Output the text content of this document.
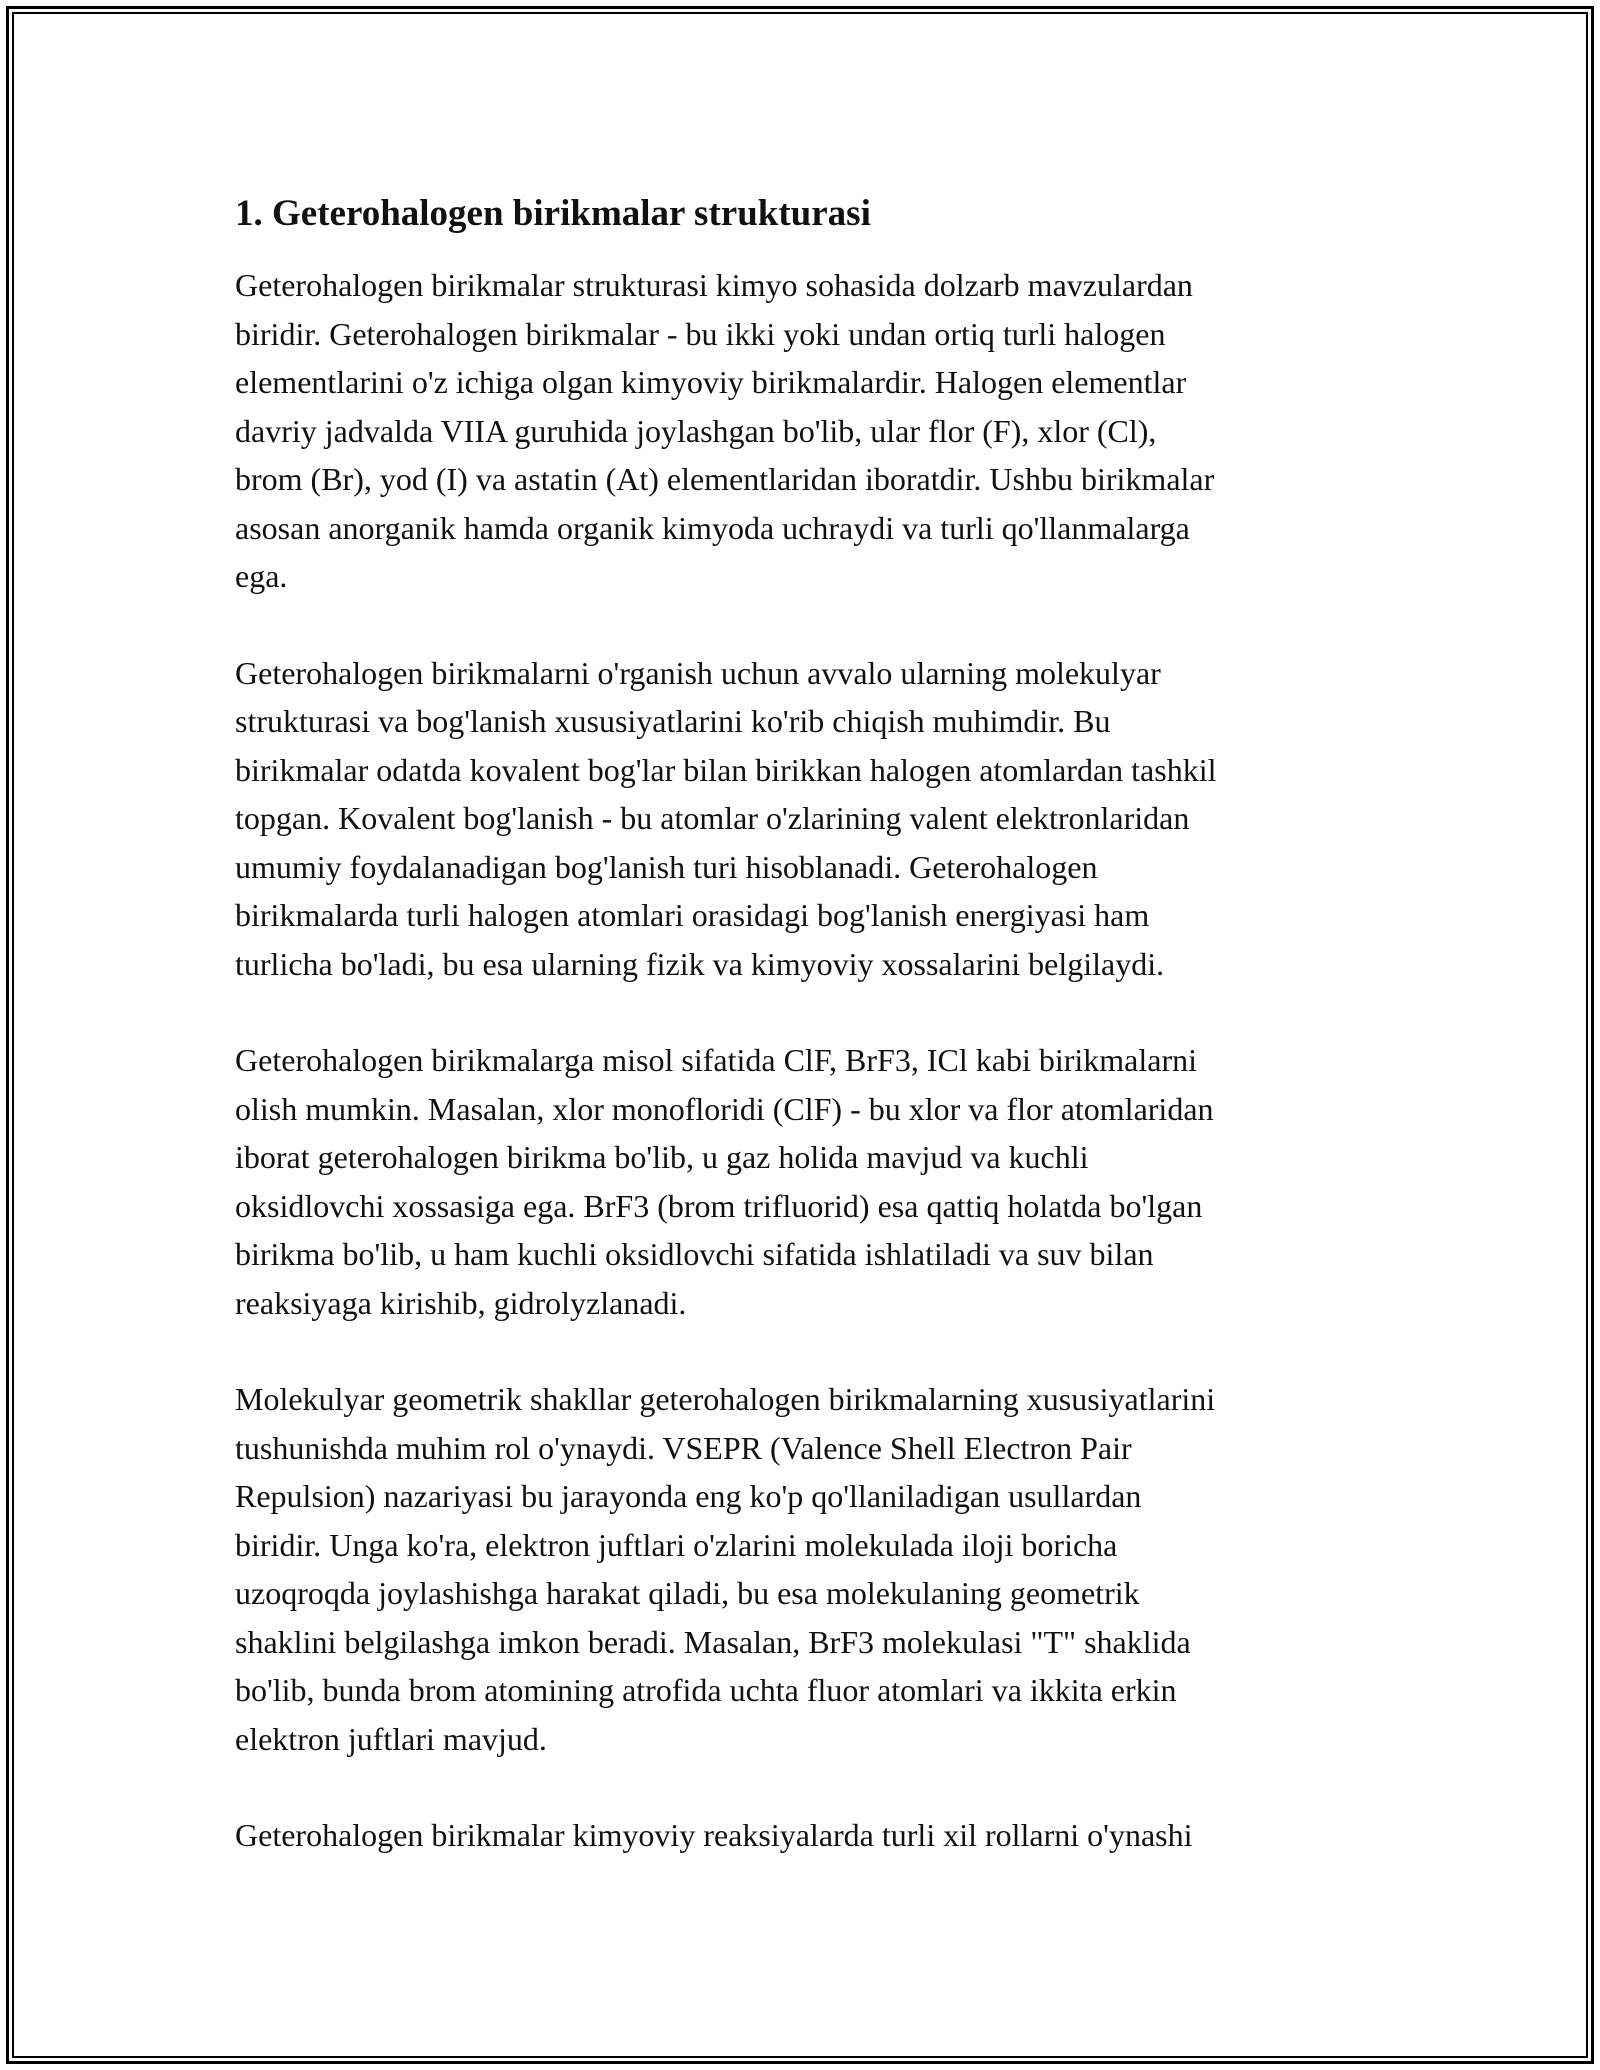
1. Geterohalogen birikmalar strukturasi

Geterohalogen birikmalar strukturasi kimyo sohasida dolzarb mavzulardan
biridir. Geterohalogen birikmalar - bu ikki yoki undan ortiq turli halogen
elementlarini o'z ichiga olgan kimyoviy birikmalardir. Halogen elementlar
davriy jadvalda VIIA guruhida joylashgan bo'lib, ular flor (F), xlor (Cl),
brom (Br), yod (I) va astatin (At) elementlaridan iboratdir. Ushbu birikmalar
asosan anorganik hamda organik kimyoda uchraydi va turli qo'llanmalarga
ega.

Geterohalogen birikmalarni o'rganish uchun avvalo ularning molekulyar
strukturasi va bog'lanish xususiyatlarini ko'rib chiqish muhimdir. Bu
birikmalar odatda kovalent bog'lar bilan birikkan halogen atomlardan tashkil
topgan. Kovalent bog'lanish - bu atomlar o'zlarining valent elektronlaridan
umumiy foydalanadigan bog'lanish turi hisoblanadi. Geterohalogen
birikmalarda turli halogen atomlari orasidagi bog'lanish energiyasi ham
turlicha bo'ladi, bu esa ularning fizik va kimyoviy xossalarini belgilaydi.

Geterohalogen birikmalarga misol sifatida ClF, BrF3, ICl kabi birikmalarni
olish mumkin. Masalan, xlor monofloridi (ClF) - bu xlor va flor atomlaridan
iborat geterohalogen birikma bo'lib, u gaz holida mavjud va kuchli
oksidlovchi xossasiga ega. BrF3 (brom trifluorid) esa qattiq holatda bo'lgan
birikma bo'lib, u ham kuchli oksidlovchi sifatida ishlatiladi va suv bilan
reaksiyaga kirishib, gidrolyzlanadi.

Molekulyar geometrik shakllar geterohalogen birikmalarning xususiyatlarini
tushunishda muhim rol o'ynaydi. VSEPR (Valence Shell Electron Pair
Repulsion) nazariyasi bu jarayonda eng ko'p qo'llaniladigan usullardan
biridir. Unga ko'ra, elektron juftlari o'zlarini molekulada iloji boricha
uzoqroqda joylashishga harakat qiladi, bu esa molekulaning geometrik
shaklini belgilashga imkon beradi. Masalan, BrF3 molekulasi "T" shaklida
bo'lib, bunda brom atomining atrofida uchta fluor atomlari va ikkita erkin
elektron juftlari mavjud.

Geterohalogen birikmalar kimyoviy reaksiyalarda turli xil rollarni o'ynashi
